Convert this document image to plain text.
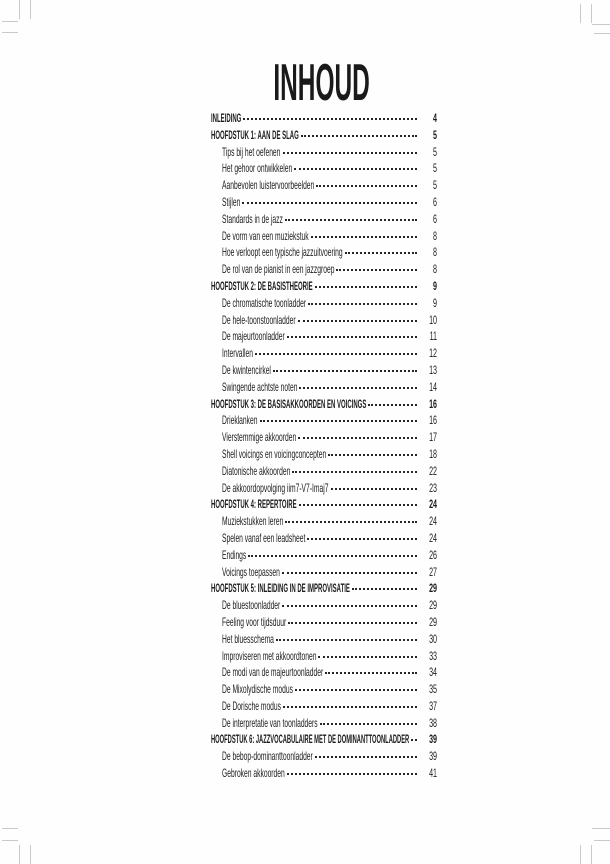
INHOUD
INLEIDING	4
HOOFDSTUK 1: AAN DE SLAG	5
Tips bij het oefenen	5
Het gehoor ontwikkelen	5
Aanbevolen luistervoorbeelden	5
Stijlen	6
Standards in de jazz	6
De vorm van een muziekstuk	8
Hoe verloopt een typische jazzuitvoering	8
De rol van de pianist in een jazzgroep	8
HOOFDSTUK 2: DE BASISTHEORIE	9
De chromatische toonladder	9
De hele-toonstoonladder	10
De majeurtoonladder	11
Intervallen	12
De kwintencirkel	13
Swingende achtste noten	14
HOOFDSTUK 3: DE BASISAKKOORDEN EN VOICINGS	16
Drieklanken	16
Vierstemmige akkoorden	17
Shell voicings en voicingconcepten	18
Diatonische akkoorden	22
De akkoordopvolging iim7-V7-Imaj7	23
HOOFDSTUK 4: REPERTOIRE	24
Muziekstukken leren	24
Spelen vanaf een leadsheet	24
Endings	26
Voicings toepassen	27
HOOFDSTUK 5: INLEIDING IN DE IMPROVISATIE	29
De bluestoonladder	29
Feeling voor tijdsduur	29
Het bluesschema	30
Improviseren met akkoordtonen	33
De modi van de majeurtoonladder	34
De Mixolydische modus	35
De Dorische modus	37
De interpretatie van toonladders	38
HOOFDSTUK 6: JAZZVOCABULAIRE MET DE DOMINANTTOONLADDER 39
De bebop-dominanttoonladder	39
Gebroken akkoorden	41
